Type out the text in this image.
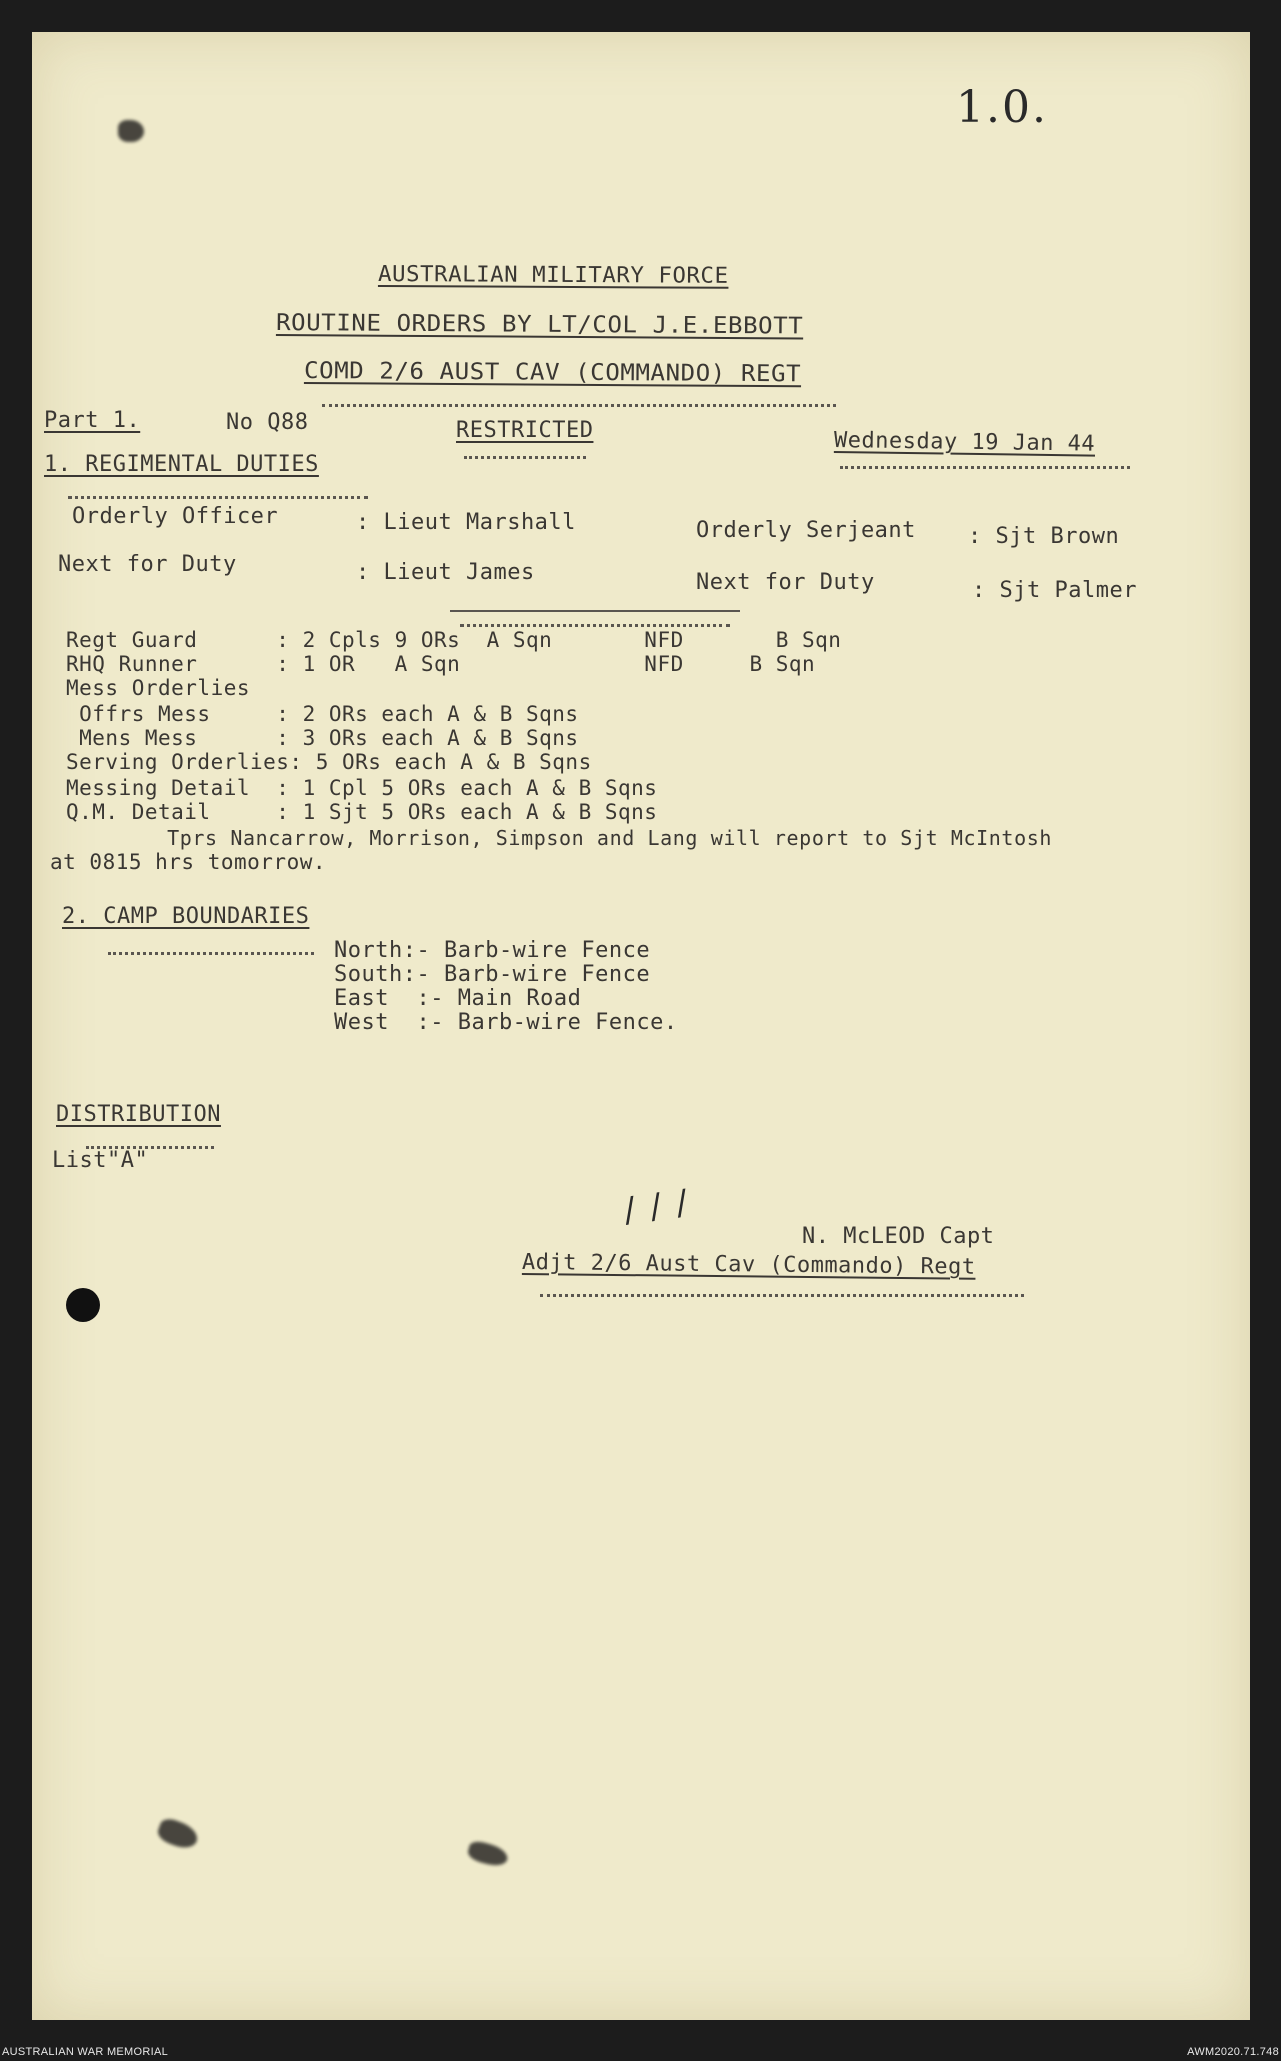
1.0.
AUSTRALIAN MILITARY FORCE
ROUTINE ORDERS BY LT/COL J.E.EBBOTT
COMD 2/6 AUST CAV (COMMANDO) REGT
Part 1.	No Q88	RESTRICTED	Wednesday 19 Jan 44
1. REGIMENTAL DUTIES
Orderly Officer	: Lieut Marshall	Orderly Serjeant : Sjt Brown
Next for Duty	: Lieut James	Next for Duty	: Sjt Palmer
Regt Guard      : 2 Cpls 9 ORs  A Sqn       NFD       B Sqn
RHQ Runner      : 1 OR   A Sqn              NFD     B Sqn
Mess Orderlies
Offrs Mess     : 2 ORs each A & B Sqns
Mens Mess      : 3 ORs each A & B Sqns
Serving Orderlies: 5 ORs each A & B Sqns
Messing Detail  : 1 Cpl 5 ORs each A & B Sqns
Q.M. Detail     : 1 Sjt 5 ORs each A & B Sqns
Tprs Nancarrow, Morrison, Simpson and Lang will report to Sjt McIntosh
at 0815 hrs tomorrow.
2. CAMP BOUNDARIES
North:- Barb-wire Fence
South:- Barb-wire Fence
East  :- Main Road
West  :- Barb-wire Fence.
DISTRIBUTION
List"A"
/ / /
N. McLEOD Capt
Adjt 2/6 Aust Cav (Commando) Regt
AUSTRALIAN WAR MEMORIAL	AWM2020.71.748
